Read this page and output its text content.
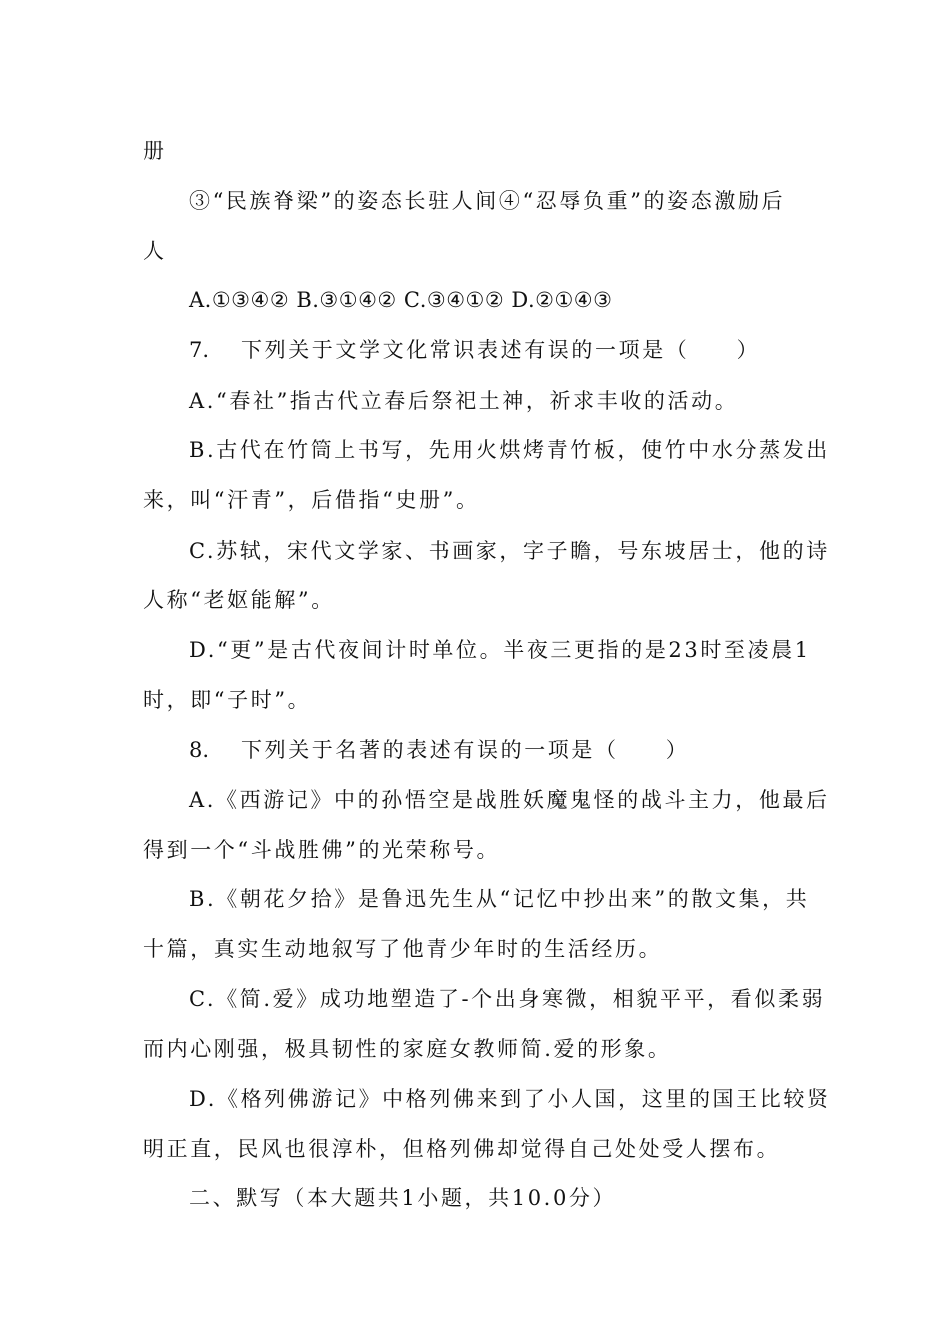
册
③“民族脊梁”的姿态长驻人间④“忍辱负重”的姿态激励后
人
A.①③④② B.③①④② C.③④①② D.②①④③
7. 下列关于文学文化常识表述有误的一项是（　　）
A.“春社”指古代立春后祭祀土神，祈求丰收的活动。
B.古代在竹筒上书写，先用火烘烤青竹板，使竹中水分蒸发出
来，叫“汗青”，后借指“史册”。
C.苏轼，宋代文学家、书画家，字子瞻，号东坡居士，他的诗
人称“老妪能解”。
D.“更”是古代夜间计时单位。半夜三更指的是23时至凌晨1
时，即“子时”。
8. 下列关于名著的表述有误的一项是（　　）
A.《西游记》中的孙悟空是战胜妖魔鬼怪的战斗主力，他最后
得到一个“斗战胜佛”的光荣称号。
B.《朝花夕拾》是鲁迅先生从“记忆中抄出来”的散文集，共
十篇，真实生动地叙写了他青少年时的生活经历。
C.《简.爱》成功地塑造了-个出身寒微，相貌平平，看似柔弱
而内心刚强，极具韧性的家庭女教师简.爱的形象。
D.《格列佛游记》中格列佛来到了小人国，这里的国王比较贤
明正直，民风也很淳朴，但格列佛却觉得自己处处受人摆布。
二、默写（本大题共1小题，共10.0分）
